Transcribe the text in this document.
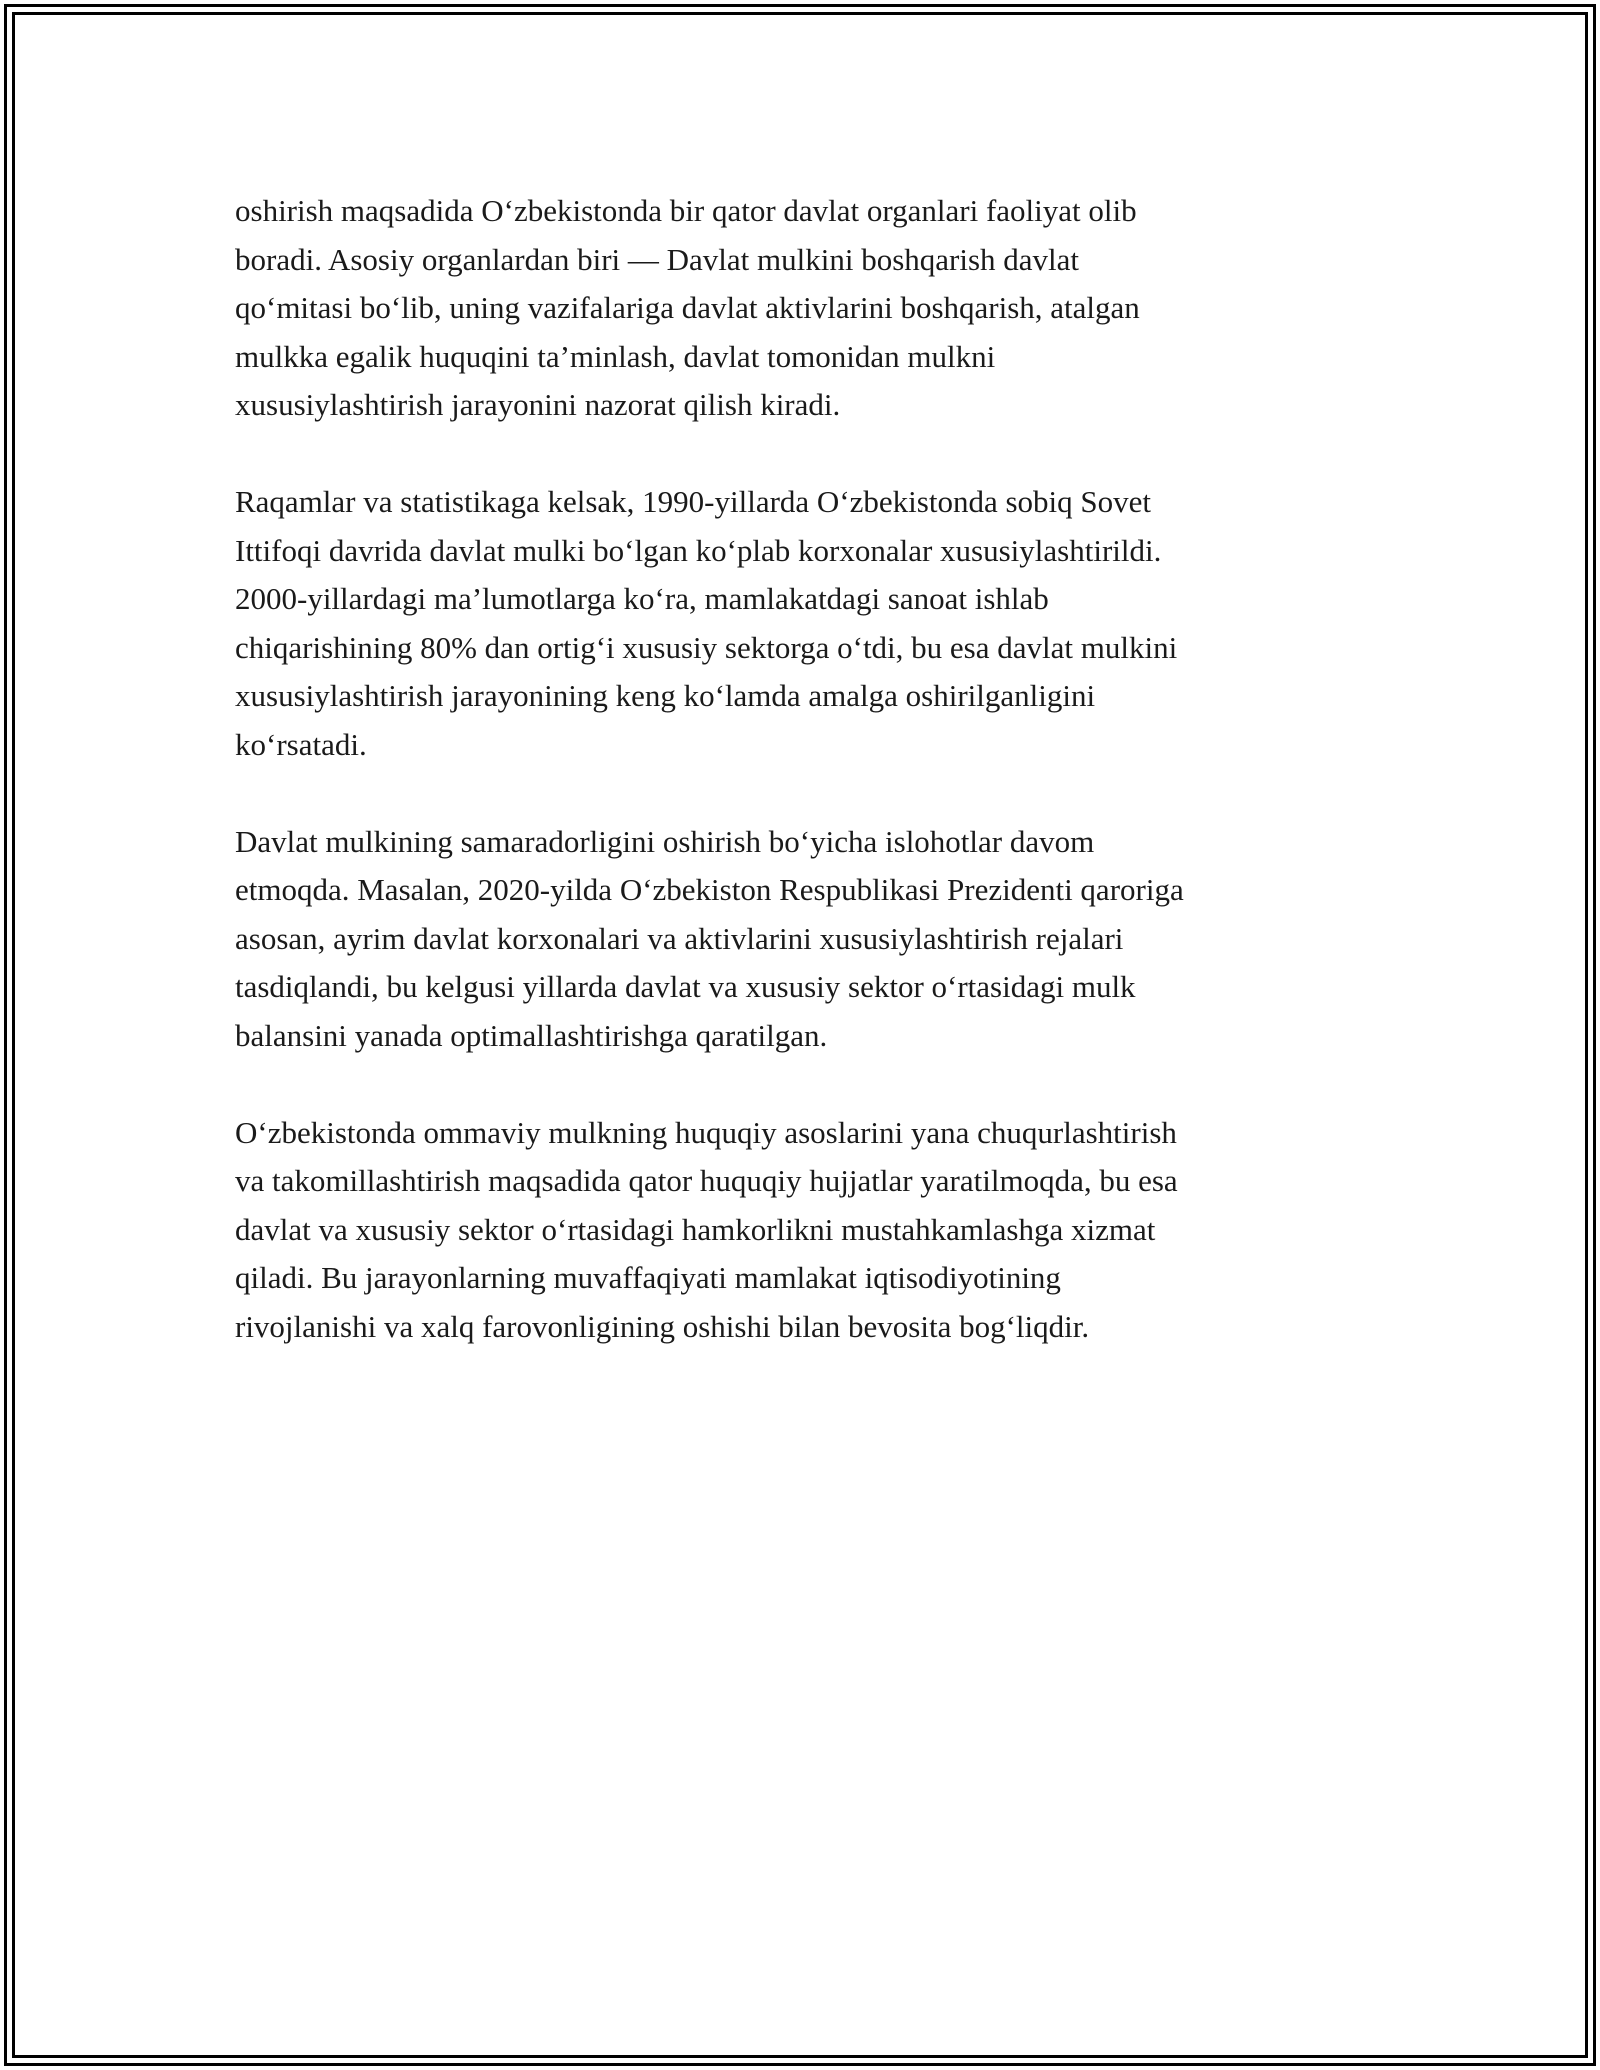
oshirish maqsadida O‘zbekistonda bir qator davlat organlari faoliyat olib
boradi. Asosiy organlardan biri — Davlat mulkini boshqarish davlat
qo‘mitasi bo‘lib, uning vazifalariga davlat aktivlarini boshqarish, atalgan
mulkka egalik huquqini ta’minlash, davlat tomonidan mulkni
xususiylashtirish jarayonini nazorat qilish kiradi.

Raqamlar va statistikaga kelsak, 1990-yillarda O‘zbekistonda sobiq Sovet
Ittifoqi davrida davlat mulki bo‘lgan ko‘plab korxonalar xususiylashtirildi.
2000-yillardagi ma’lumotlarga ko‘ra, mamlakatdagi sanoat ishlab
chiqarishining 80% dan ortig‘i xususiy sektorga o‘tdi, bu esa davlat mulkini
xususiylashtirish jarayonining keng ko‘lamda amalga oshirilganligini
ko‘rsatadi.

Davlat mulkining samaradorligini oshirish bo‘yicha islohotlar davom
etmoqda. Masalan, 2020-yilda O‘zbekiston Respublikasi Prezidenti qaroriga
asosan, ayrim davlat korxonalari va aktivlarini xususiylashtirish rejalari
tasdiqlandi, bu kelgusi yillarda davlat va xususiy sektor o‘rtasidagi mulk
balansini yanada optimallashtirishga qaratilgan.

O‘zbekistonda ommaviy mulkning huquqiy asoslarini yana chuqurlashtirish
va takomillashtirish maqsadida qator huquqiy hujjatlar yaratilmoqda, bu esa
davlat va xususiy sektor o‘rtasidagi hamkorlikni mustahkamlashga xizmat
qiladi. Bu jarayonlarning muvaffaqiyati mamlakat iqtisodiyotining
rivojlanishi va xalq farovonligining oshishi bilan bevosita bog‘liqdir.
